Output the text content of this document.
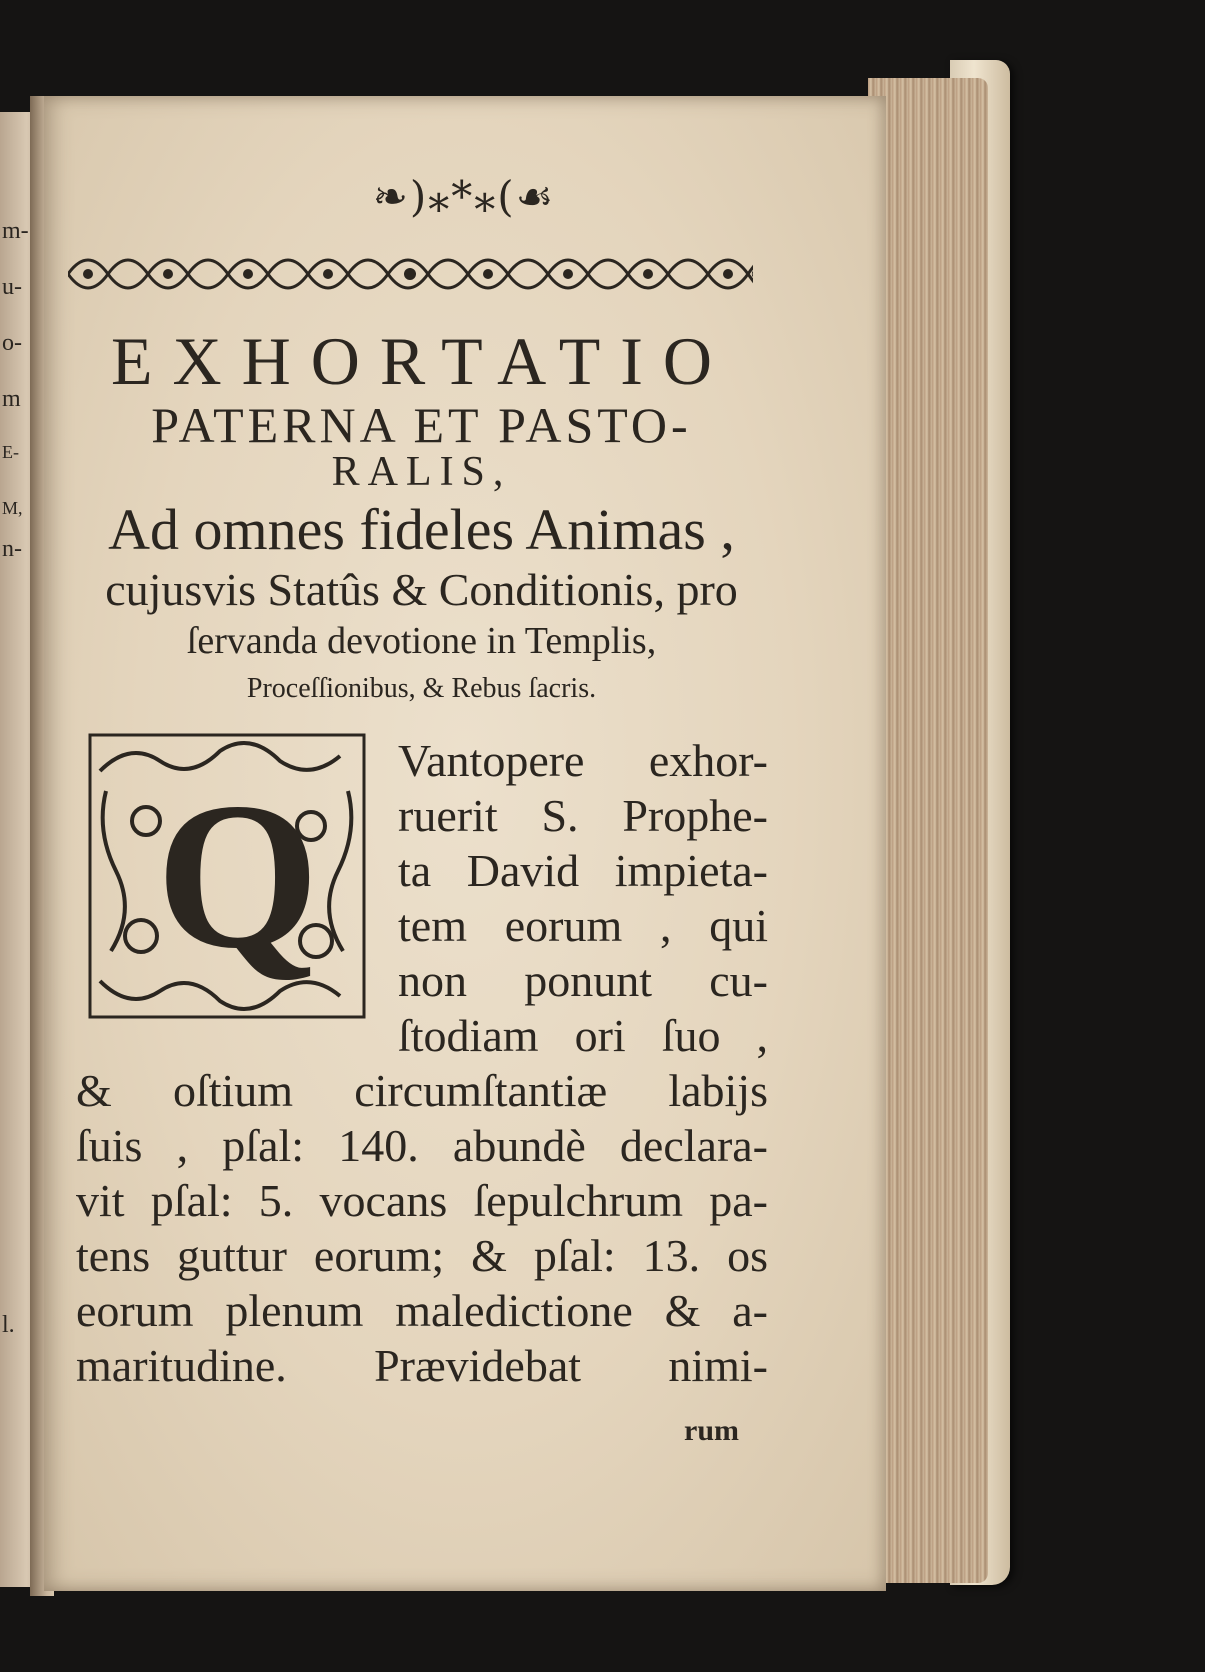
m-
u-
o-
m
E-
M,
n-
l.
❧)⁎*⁎(☙
EXHORTATIO
PATERNA ET PASTO-
RALIS,
Ad omnes fideles Animas ,
cujusvis Statûs & Conditionis, pro
ſervanda devotione in Templis,
Proceſſionibus, & Rebus ſacris.
Q Vantopere exhor-
ruerit S. Prophe-
ta David impieta-
tem eorum , qui
non ponunt cu-
ſtodiam ori ſuo ,
& oſtium circumſtantiæ labijs
ſuis , pſal: 140. abundè declara-
vit pſal: 5. vocans ſepulchrum pa-
tens guttur eorum; & pſal: 13. os
eorum plenum maledictione & a-
maritudine. Prævidebat nimi-
rum
